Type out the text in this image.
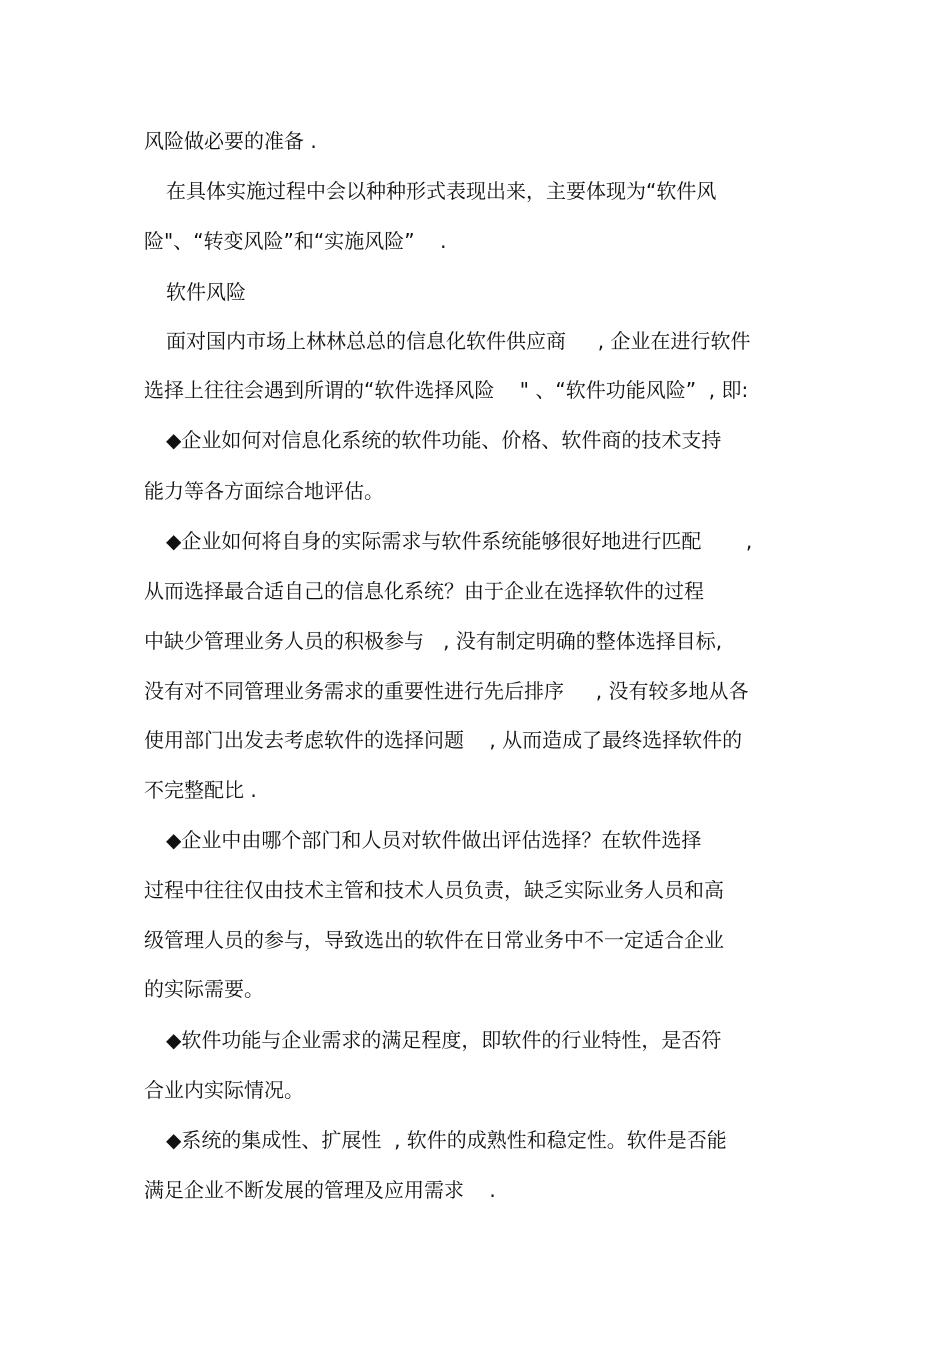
风险做必要的准备 .
在具体实施过程中会以种种形式表现出来，主要体现为“软件风
险"、“转变风险”和“实施风险”    .
软件风险
面对国内市场上林林总总的信息化软件供应商     , 企业在进行软件
选择上往往会遇到所谓的“软件选择风险    " 、“软件功能风险”  , 即:
◆企业如何对信息化系统的软件功能、价格、软件商的技术支持
能力等各方面综合地评估。
◆企业如何将自身的实际需求与软件系统能够很好地进行匹配       ,
从而选择最合适自己的信息化系统？由于企业在选择软件的过程
中缺少管理业务人员的积极参与   , 没有制定明确的整体选择目标,
没有对不同管理业务需求的重要性进行先后排序     , 没有较多地从各
使用部门出发去考虑软件的选择问题    , 从而造成了最终选择软件的
不完整配比 .
◆企业中由哪个部门和人员对软件做出评估选择？在软件选择
过程中往往仅由技术主管和技术人员负责，缺乏实际业务人员和高
级管理人员的参与，导致选出的软件在日常业务中不一定适合企业
的实际需要。
◆软件功能与企业需求的满足程度，即软件的行业特性，是否符
合业内实际情况。
◆系统的集成性、扩展性  , 软件的成熟性和稳定性。软件是否能
满足企业不断发展的管理及应用需求    .
